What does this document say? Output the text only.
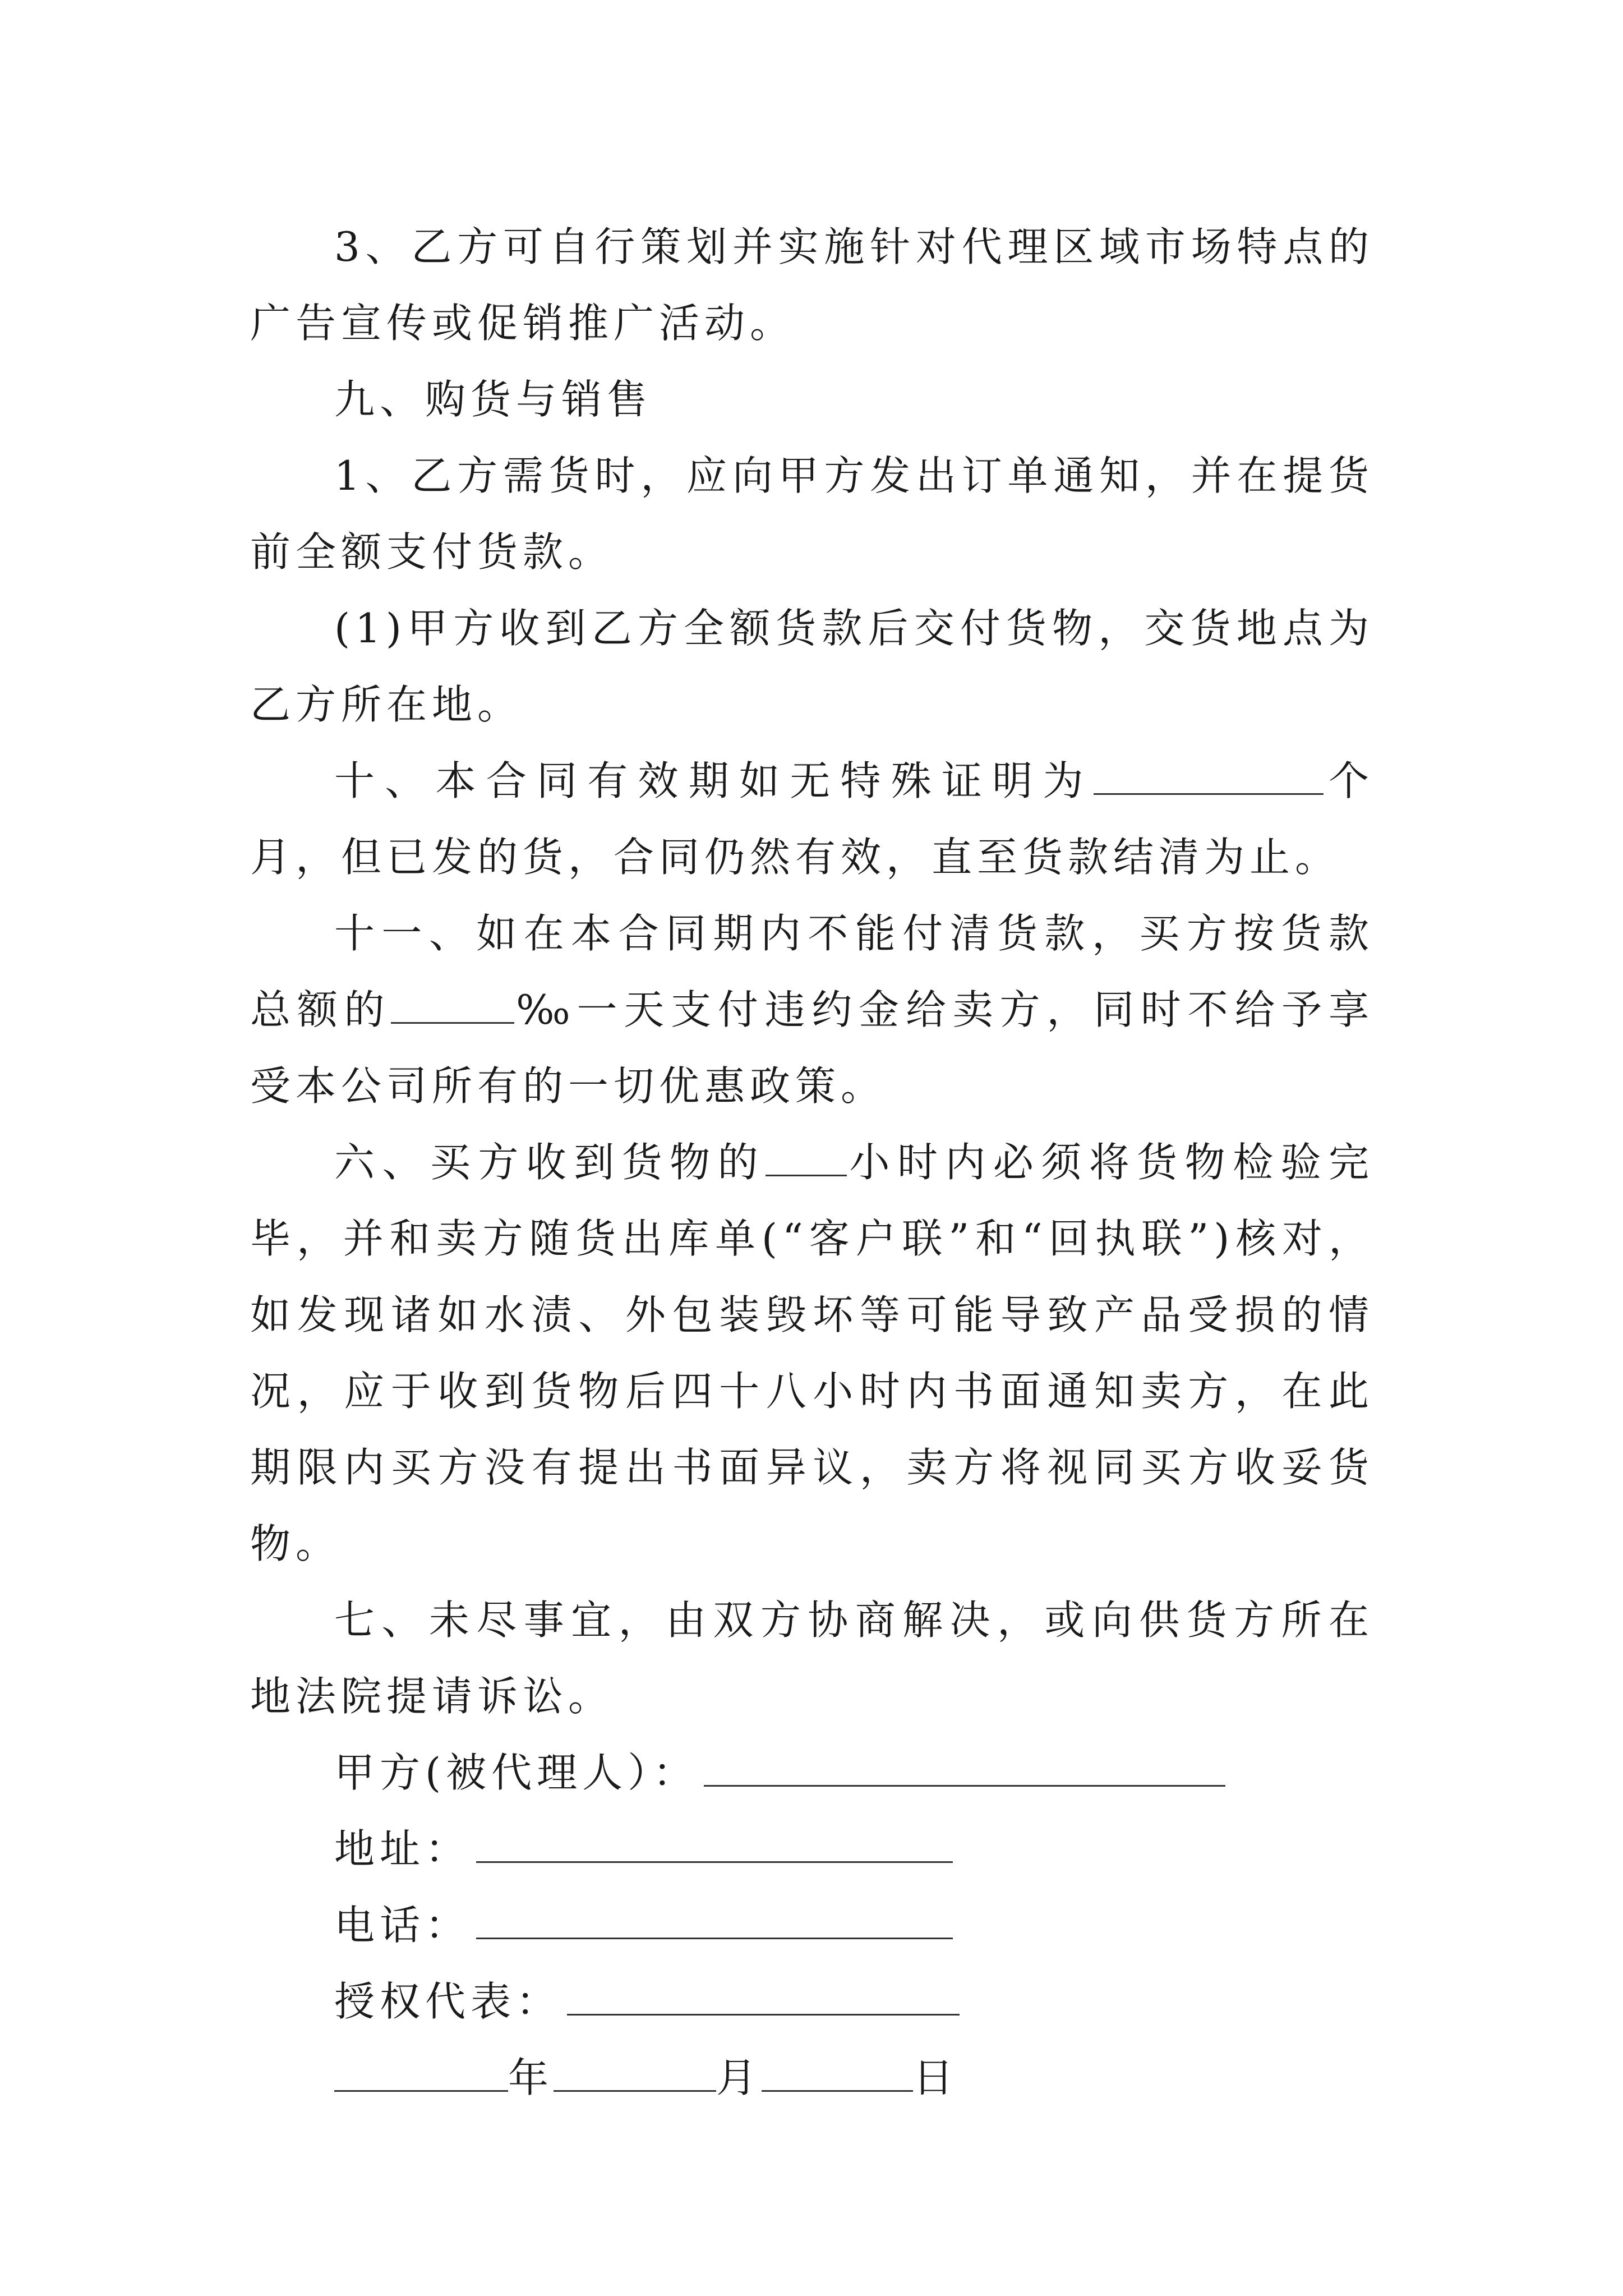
3、乙方可自行策划并实施针对代理区域市场特点的广告宣传或促销推广活动。

九、购货与销售

1、乙方需货时，应向甲方发出订单通知，并在提货前全额支付货款。

(1)甲方收到乙方全额货款后交付货物，交货地点为乙方所在地。

十、本合同有效期如无特殊证明为	个月，但已发的货，合同仍然有效，直至货款结清为止。

十一、如在本合同期内不能付清货款，买方按货款总额的	‰一天支付违约金给卖方，同时不给予享受本公司所有的一切优惠政策。

六、买方收到货物的 小时内必须将货物检验完毕，并和卖方随货出库单(“客户联”和“回执联”)核对，如发现诸如水渍、外包装毁坏等可能导致产品受损的情况，应于收到货物后四十八小时内书面通知卖方，在此期限内买方没有提出书面异议，卖方将视同买方收妥货物。

七、未尽事宜，由双方协商解决，或向供货方所在地法院提请诉讼。

甲方(被代理人）：

地址：

电话：

授权代表：

年	月	日
